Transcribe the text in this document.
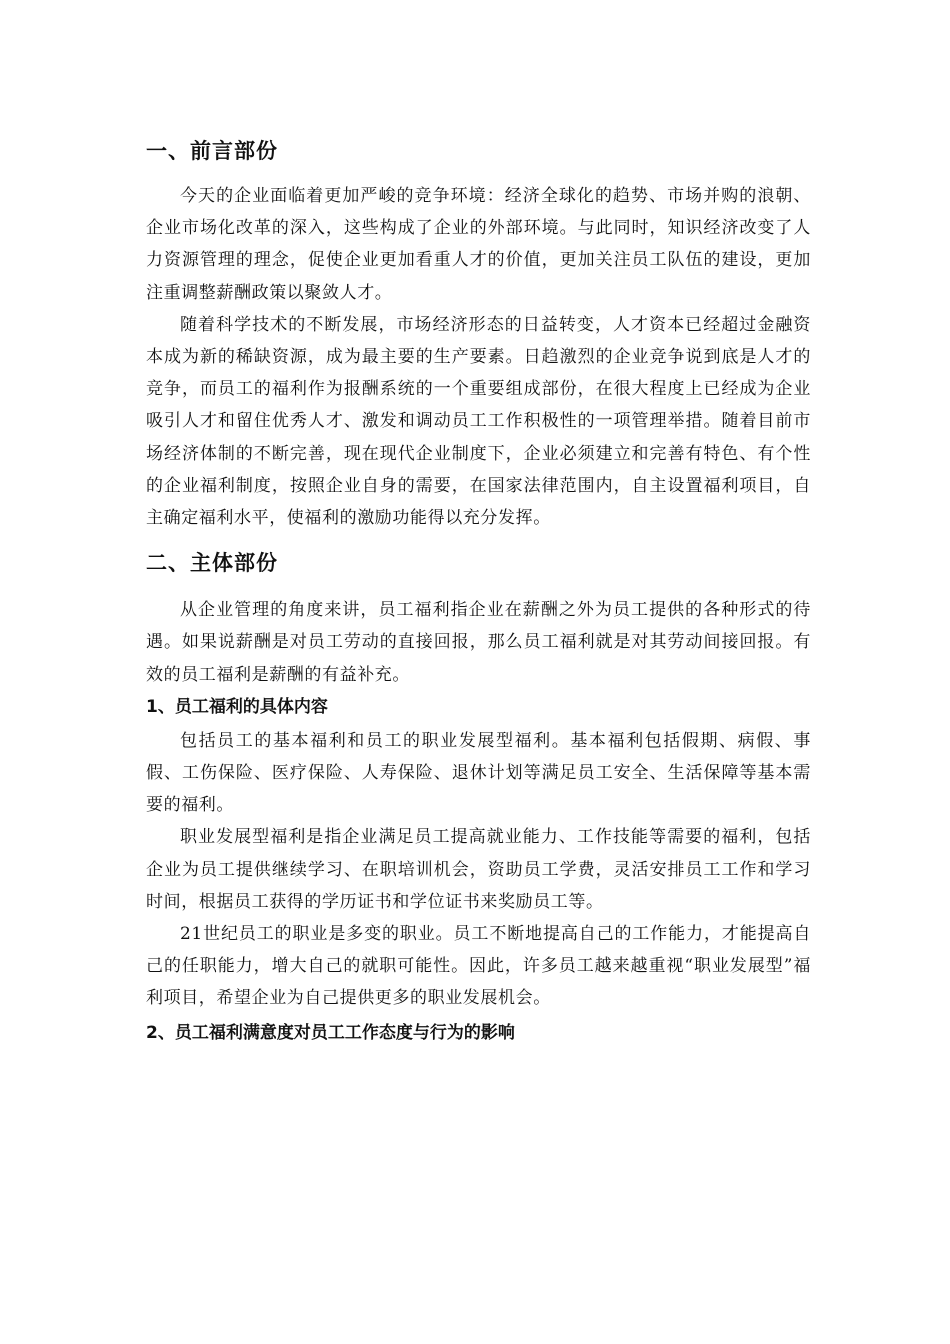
一、前言部份

今天的企业面临着更加严峻的竞争环境：经济全球化的趋势、市场并购的浪朝、企业市场化改革的深入，这些构成了企业的外部环境。与此同时，知识经济改变了人力资源管理的理念，促使企业更加看重人才的价值，更加关注员工队伍的建设，更加注重调整薪酬政策以聚敛人才。

随着科学技术的不断发展，市场经济形态的日益转变，人才资本已经超过金融资本成为新的稀缺资源，成为最主要的生产要素。日趋激烈的企业竞争说到底是人才的竞争，而员工的福利作为报酬系统的一个重要组成部份，在很大程度上已经成为企业吸引人才和留住优秀人才、激发和调动员工工作积极性的一项管理举措。随着目前市场经济体制的不断完善，现在现代企业制度下，企业必须建立和完善有特色、有个性的企业福利制度，按照企业自身的需要，在国家法律范围内，自主设置福利项目，自主确定福利水平，使福利的激励功能得以充分发挥。

二、主体部份

从企业管理的角度来讲，员工福利指企业在薪酬之外为员工提供的各种形式的待遇。如果说薪酬是对员工劳动的直接回报，那么员工福利就是对其劳动间接回报。有效的员工福利是薪酬的有益补充。

1、员工福利的具体内容

包括员工的基本福利和员工的职业发展型福利。基本福利包括假期、病假、事假、工伤保险、医疗保险、人寿保险、退休计划等满足员工安全、生活保障等基本需要的福利。

职业发展型福利是指企业满足员工提高就业能力、工作技能等需要的福利，包括企业为员工提供继续学习、在职培训机会，资助员工学费，灵活安排员工工作和学习时间，根据员工获得的学历证书和学位证书来奖励员工等。

21世纪员工的职业是多变的职业。员工不断地提高自己的工作能力，才能提高自己的任职能力，增大自己的就职可能性。因此，许多员工越来越重视“职业发展型”福利项目，希望企业为自己提供更多的职业发展机会。

2、员工福利满意度对员工工作态度与行为的影响
